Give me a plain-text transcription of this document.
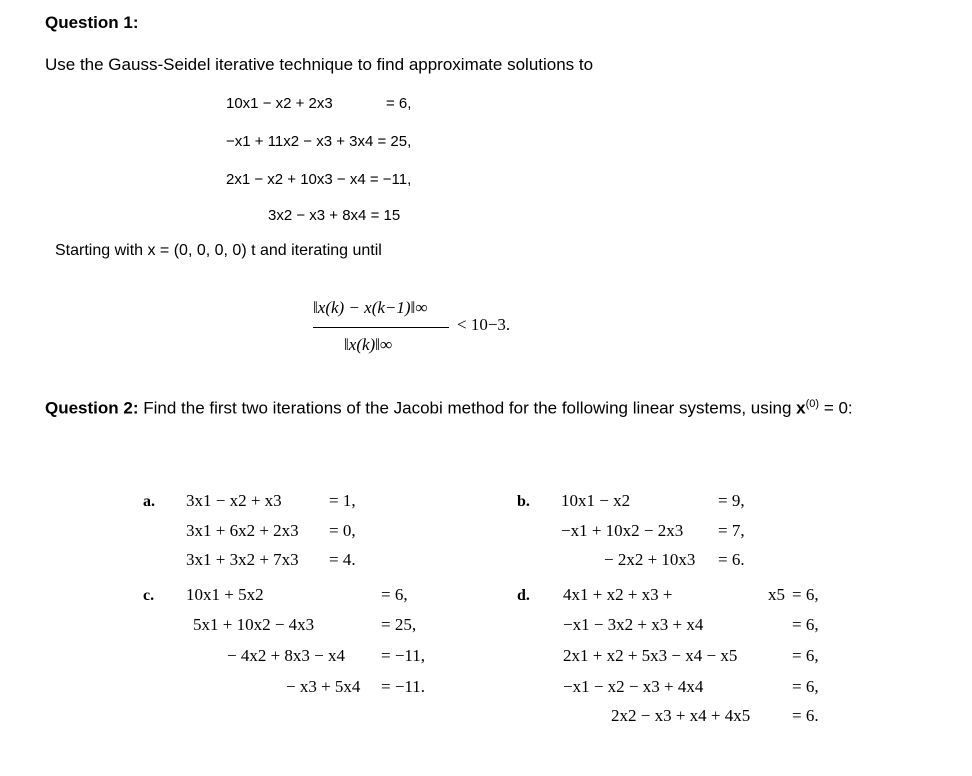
Question 1:
Use the Gauss-Seidel iterative technique to find approximate solutions to
10x1 − x2 + 2x3	= 6,
−x1 + 11x2 − x3 + 3x4 = 25,
2x1 − x2 + 10x3 − x4 = −11,
3x2 − x3 + 8x4 = 15
Starting with x = (0, 0, 0, 0) t and iterating until
‖x(k) − x(k−1)‖∞
‖x(k)‖∞
< 10−3.
Question 2: Find the first two iterations of the Jacobi method for the following linear systems, using $x^{(0)} = 0$:
a. 3x1 − x2 + x3	= 1,
3x1 + 6x2 + 2x3 = 0,
3x1 + 3x2 + 7x3 = 4.
b. 10x1 − x2	= 9,
−x1 + 10x2 − 2x3 = 7,
− 2x2 + 10x3 = 6.
c. 10x1 + 5x2	= 6,
5x1 + 10x2 − 4x3	= 25,
− 4x2 + 8x3 − x4 = −11,
− x3 + 5x4 = −11.
d. 4x1 + x2 + x3 +	x5 = 6,
−x1 − 3x2 + x3 + x4	= 6,
2x1 + x2 + 5x3 − x4 − x5	= 6,
−x1 − x2 − x3 + 4x4	= 6,
2x2 − x3 + x4 + 4x5 = 6.
